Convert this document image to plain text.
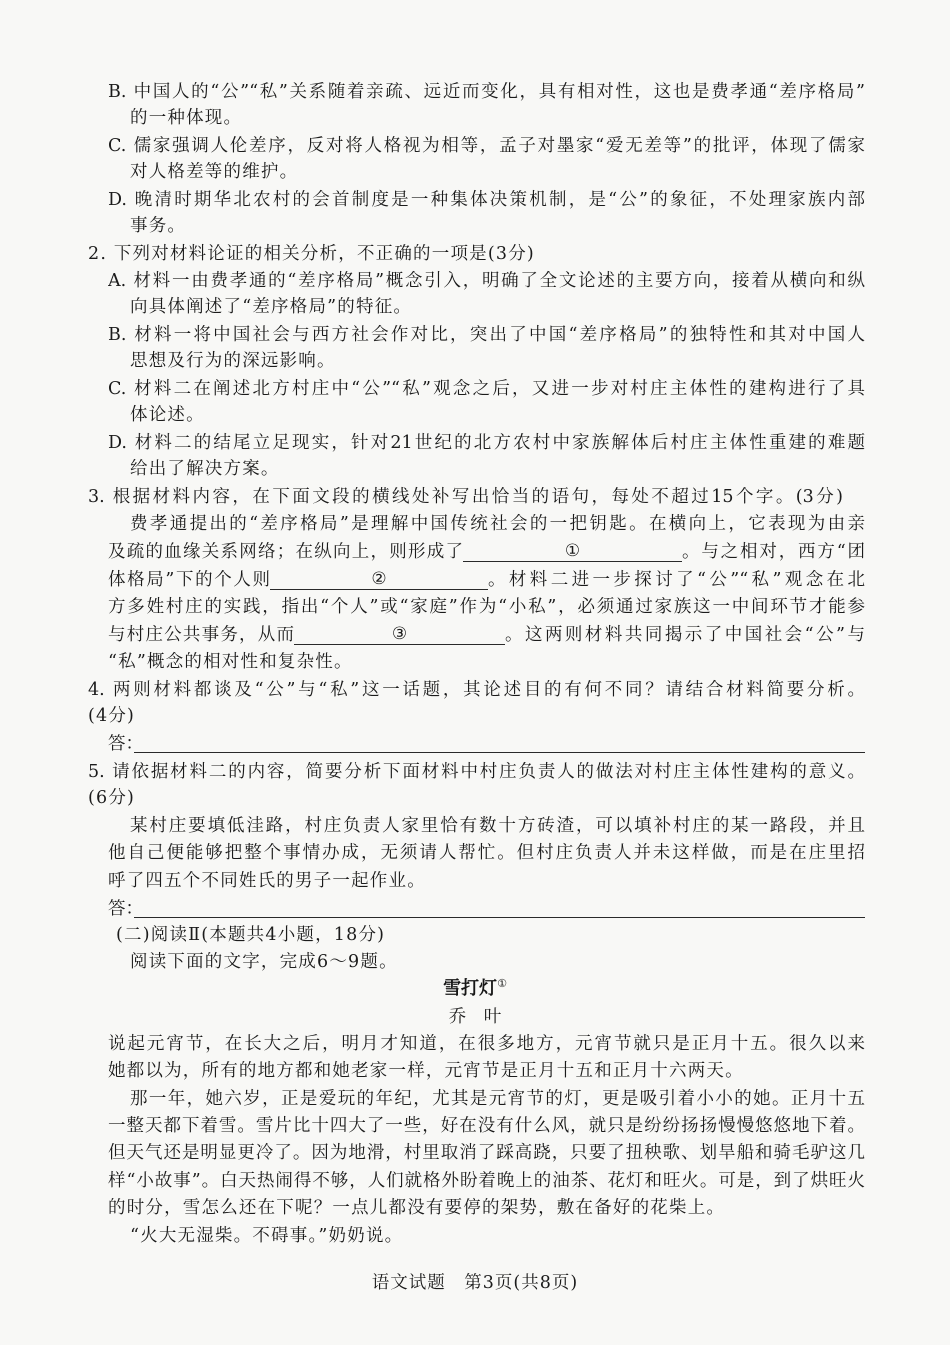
B. 中国人的“公”“私”关系随着亲疏、远近而变化，具有相对性，这也是费孝通“差序格局”
的一种体现。
C. 儒家强调人伦差序，反对将人格视为相等，孟子对墨家“爱无差等”的批评，体现了儒家
对人格差等的维护。
D. 晚清时期华北农村的会首制度是一种集体决策机制，是“公”的象征，不处理家族内部
事务。
2. 下列对材料论证的相关分析，不正确的一项是(3分)
A. 材料一由费孝通的“差序格局”概念引入，明确了全文论述的主要方向，接着从横向和纵
向具体阐述了“差序格局”的特征。
B. 材料一将中国社会与西方社会作对比，突出了中国“差序格局”的独特性和其对中国人
思想及行为的深远影响。
C. 材料二在阐述北方村庄中“公”“私”观念之后，又进一步对村庄主体性的建构进行了具
体论述。
D. 材料二的结尾立足现实，针对21世纪的北方农村中家族解体后村庄主体性重建的难题
给出了解决方案。
3. 根据材料内容，在下面文段的横线处补写出恰当的语句，每处不超过15个字。(3分)
费孝通提出的“差序格局”是理解中国传统社会的一把钥匙。在横向上，它表现为由亲
及疏的血缘关系网络；在纵向上，则形成了	①	。与之相对，西方“团
体格局”下的个人则	②	。材料二进一步探讨了“公”“私”观念在北
方多姓村庄的实践，指出“个人”或“家庭”作为“小私”，必须通过家族这一中间环节才能参
与村庄公共事务，从而	③	。这两则材料共同揭示了中国社会“公”与
“私”概念的相对性和复杂性。
4. 两则材料都谈及“公”与“私”这一话题，其论述目的有何不同？请结合材料简要分析。
(4分)
答：
5. 请依据材料二的内容，简要分析下面材料中村庄负责人的做法对村庄主体性建构的意义。
(6分)
某村庄要填低洼路，村庄负责人家里恰有数十方砖渣，可以填补村庄的某一路段，并且
他自己便能够把整个事情办成，无须请人帮忙。但村庄负责人并未这样做，而是在庄里招
呼了四五个不同姓氏的男子一起作业。
答：
(二)阅读Ⅱ(本题共4小题，18分)
阅读下面的文字，完成6～9题。
雪打灯①
乔　叶
说起元宵节，在长大之后，明月才知道，在很多地方，元宵节就只是正月十五。很久以来
她都以为，所有的地方都和她老家一样，元宵节是正月十五和正月十六两天。
那一年，她六岁，正是爱玩的年纪，尤其是元宵节的灯，更是吸引着小小的她。正月十五
一整天都下着雪。雪片比十四大了一些，好在没有什么风，就只是纷纷扬扬慢慢悠悠地下着。
但天气还是明显更冷了。因为地滑，村里取消了踩高跷，只要了扭秧歌、划旱船和骑毛驴这几
样“小故事”。白天热闹得不够，人们就格外盼着晚上的油茶、花灯和旺火。可是，到了烘旺火
的时分，雪怎么还在下呢？一点儿都没有要停的架势，敷在备好的花柴上。
“火大无湿柴。不碍事。”奶奶说。
语文试题　第3页(共8页)
